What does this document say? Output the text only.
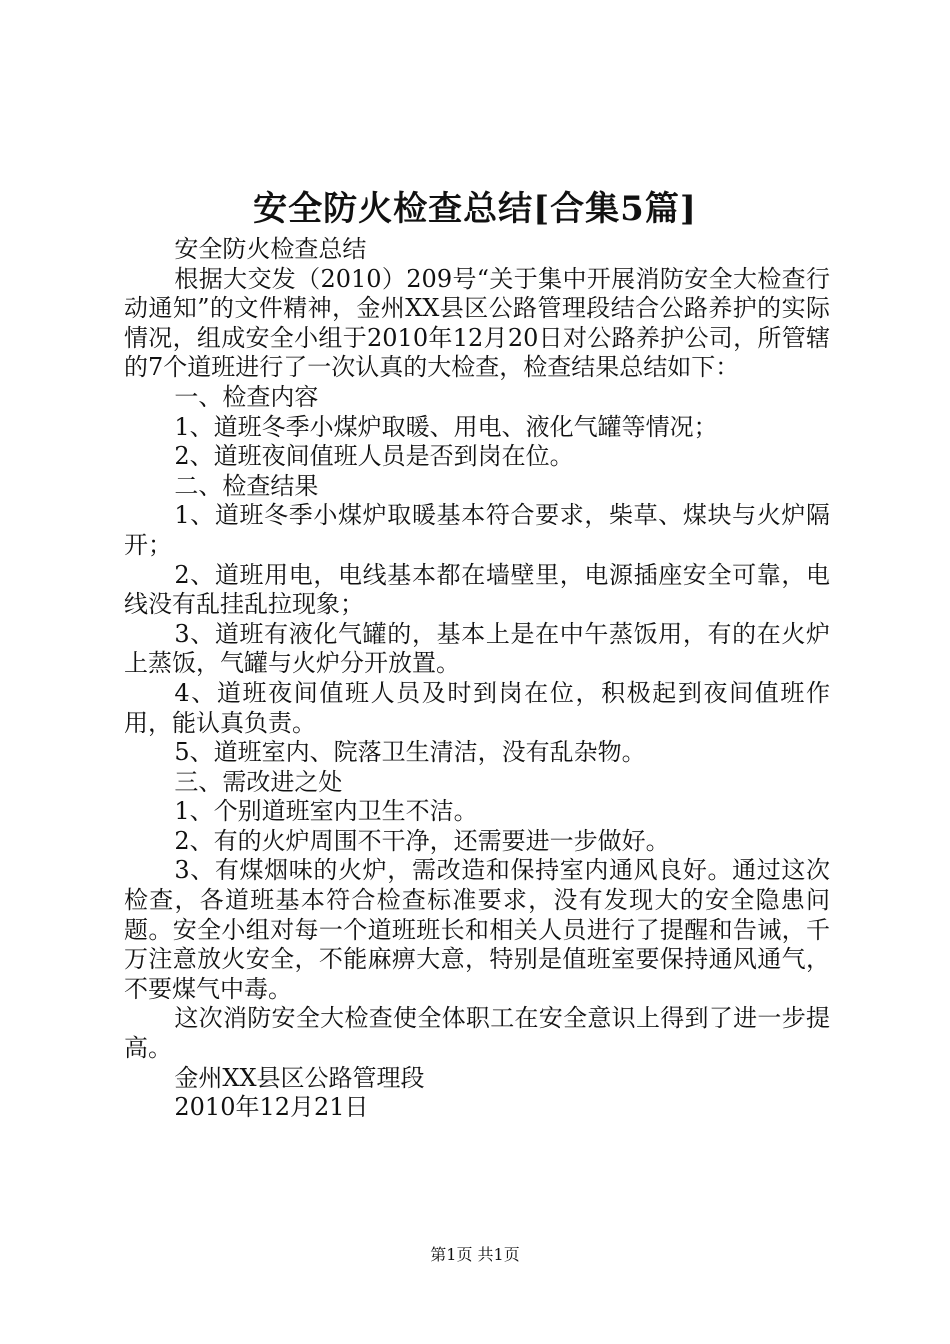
安全防火检查总结[合集5篇]

安全防火检查总结

根据大交发（2010）209号“关于集中开展消防安全大检查行动通知”的文件精神，金州XX县区公路管理段结合公路养护的实际情况，组成安全小组于2010年12月20日对公路养护公司，所管辖的7个道班进行了一次认真的大检查，检查结果总结如下：

一、检查内容

1、道班冬季小煤炉取暖、用电、液化气罐等情况；

2、道班夜间值班人员是否到岗在位。

二、检查结果

1、道班冬季小煤炉取暖基本符合要求，柴草、煤块与火炉隔开；

2、道班用电，电线基本都在墙壁里，电源插座安全可靠，电线没有乱挂乱拉现象；

3、道班有液化气罐的，基本上是在中午蒸饭用，有的在火炉上蒸饭，气罐与火炉分开放置。

4、道班夜间值班人员及时到岗在位，积极起到夜间值班作用，能认真负责。

5、道班室内、院落卫生清洁，没有乱杂物。

三、需改进之处

1、个别道班室内卫生不洁。

2、有的火炉周围不干净，还需要进一步做好。

3、有煤烟味的火炉，需改造和保持室内通风良好。通过这次检查，各道班基本符合检查标准要求，没有发现大的安全隐患问题。安全小组对每一个道班班长和相关人员进行了提醒和告诫，千万注意放火安全，不能麻痹大意，特别是值班室要保持通风通气，不要煤气中毒。

这次消防安全大检查使全体职工在安全意识上得到了进一步提高。

金州XX县区公路管理段

2010年12月21日

第1页 共1页
